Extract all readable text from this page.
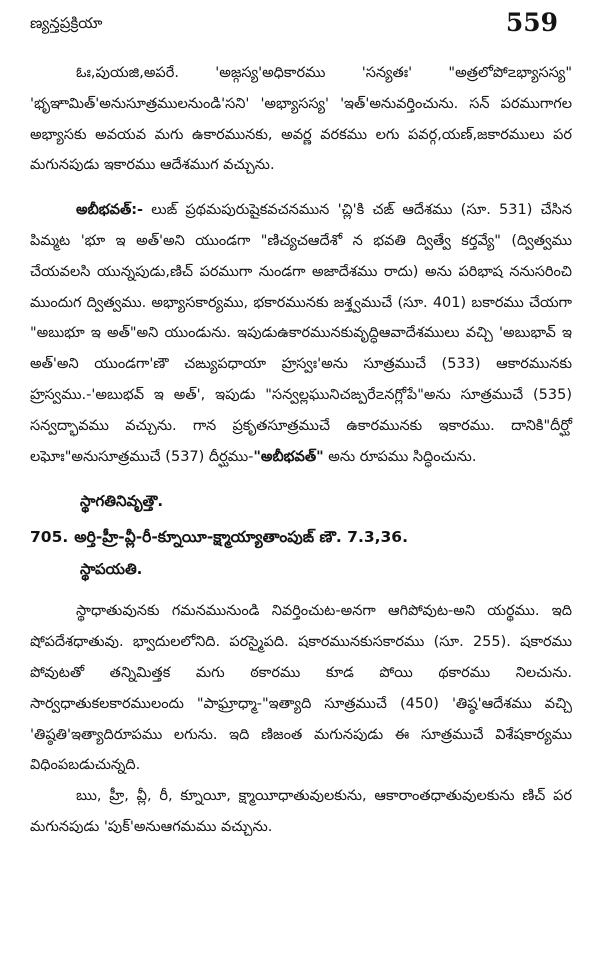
ణ్యన్తప్రక్రియా	559

ఓః,పుయజి,అపరే. 'అజ్గస్య'అధికారము 'సన్యతః' "అత్రలోపో౽భ్యాసస్య" 'భృఞామిత్'అనుసూత్రములనుండి'సని' 'అభ్యాసస్య' 'ఇత్'అనువర్తించును. సన్ పరముగాగల అభ్యాసకు అవయవ మగు ఉకారమునకు, అవర్ణ వరకము లగు పవర్గ,యణ్,జకారములు పర మగునపుడు ఇకారము ఆదేశముగ వచ్చును.

అబీభవత్:- లుఙ్ ప్రథమపురుషైకవచనమున 'చ్లి'కి చఙ్ ఆదేశము (సూ. 531) చేసిన పిమ్మట 'భూ ఇ అత్'అని యుండగా "ణిచ్యచఆదేశో న భవతి ద్విత్వే కర్తవ్యే" (ద్విత్వము చేయవలసి యున్నపుడు,ణిచ్ పరముగా నుండగా అజాదేశము రాదు) అను పరిభాష ననుసరించి ముందుగ ద్విత్వము. అభ్యాసకార్యము, భకారమునకు జశ్త్వముచే (సూ. 401) బకారము చేయగా "అబుభూ ఇ అత్"అని యుండును. ఇపుడుఉకారమునకువృద్ధిఆవాదేశములు వచ్చి 'అబుభావ్ ఇ అత్'అని యుండగా'ణౌ చఙ్యుపధాయా హ్రస్వః'అను సూత్రముచే (533) ఆకారమునకు హ్రస్వము.-'అబుభవ్ ఇ అత్', ఇపుడు "సన్వల్లఘునిచఙ్పరే౽నగ్లోపే"అను సూత్రముచే (535) సన్వద్భావము వచ్చును. గాన ప్రకృతసూత్రముచే ఉకారమునకు ఇకారము. దానికి"దీర్ఘో లఘోః"అనుసూత్రముచే (537) దీర్ఘము-"అబీభవత్" అను రూపము సిద్ధించును.

స్థాగతినివృత్తౌ.
705. అర్తి-హ్రీ-వ్లీ-రీ-క్నూయీ-క్ష్మాయ్యాతాంపుఙ్ ణౌ. 7.3,36.
స్థాపయతి.

స్థాధాతువునకు గమనమునుండి నివర్తించుట-అనగా ఆగిపోవుట-అని యర్థము. ఇది షోపదేశధాతువు. భ్వాదులలోనిది. పరస్మైపది. షకారమునకుసకారము (సూ. 255). షకారము పోవుటతో తన్నిమిత్తక మగు ఠకారము కూడ పోయి థకారము నిలచును. సార్వధాతుకలకారములందు "పాఘ్రాధ్మా-"ఇత్యాది సూత్రముచే (450) 'తిష్ఠ'ఆదేశము వచ్చి 'తిష్ఠతి'ఇత్యాదిరూపము లగును. ఇది ణిజంత మగునపుడు ఈ సూత్రముచే విశేషకార్యము విధింపబడుచున్నది.

ఋ, హ్రీ, వ్లీ, రీ, క్నూయీ, క్ష్మాయీధాతువులకును, ఆకారాంతధాతువులకును ణిచ్ పర మగునపుడు 'పుక్'అనుఆగమము వచ్చును.
